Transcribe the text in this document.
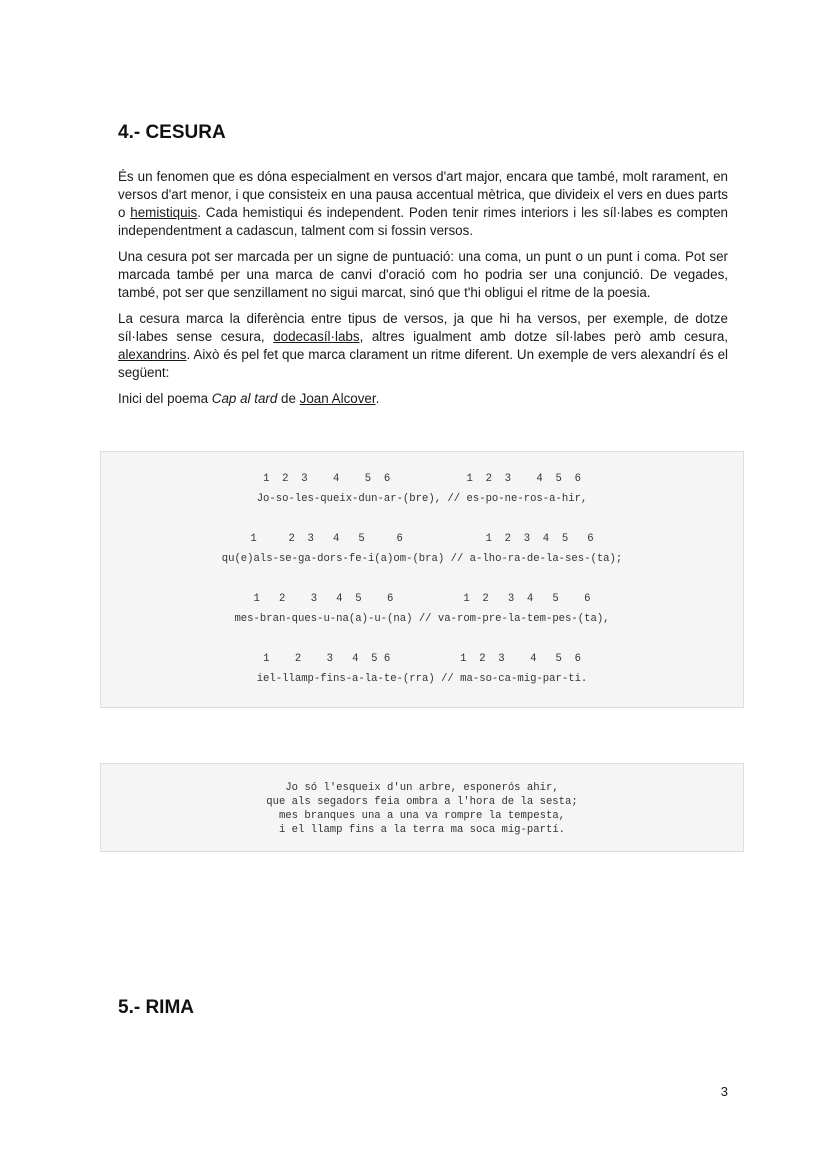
4.- CESURA

És un fenomen que es dóna especialment en versos d'art major, encara que també, molt rarament, en versos d'art menor, i que consisteix en una pausa accentual mètrica, que divideix el vers en dues parts o hemistiquis. Cada hemistiqui és independent. Poden tenir rimes interiors i les síl·labes es compten independentment a cadascun, talment com si fossin versos.

Una cesura pot ser marcada per un signe de puntuació: una coma, un punt o un punt i coma. Pot ser marcada també per una marca de canvi d'oració com ho podria ser una conjunció. De vegades, també, pot ser que senzillament no sigui marcat, sinó que t'hi obligui el ritme de la poesia.

La cesura marca la diferència entre tipus de versos, ja que hi ha versos, per exemple, de dotze síl·labes sense cesura, dodecasíl·labs, altres igualment amb dotze síl·labes però amb cesura, alexandrins. Això és pel fet que marca clarament un ritme diferent. Un exemple de vers alexandrí és el següent:

Inici del poema Cap al tard de Joan Alcover.

1  2  3    4    5  6            1  2  3    4  5  6
Jo-so-les-queix-dun-ar-(bre), // es-po-ne-ros-a-hir,
1     2  3   4   5     6             1  2  3  4  5   6
qu(e)als-se-ga-dors-fe-i(a)om-(bra) // a-lho-ra-de-la-ses-(ta);
1   2    3   4  5    6           1  2   3  4   5    6
mes-bran-ques-u-na(a)-u-(na) // va-rom-pre-la-tem-pes-(ta),
1    2    3   4  5 6           1  2  3    4   5  6
iel-llamp-fins-a-la-te-(rra) // ma-so-ca-mig-par-ti.
Jo só l'esqueix d'un arbre, esponerós ahir,
que als segadors feia ombra a l'hora de la sesta;
mes branques una a una va rompre la tempesta,
i el llamp fins a la terra ma soca mig-partí.
5.- RIMA
3
